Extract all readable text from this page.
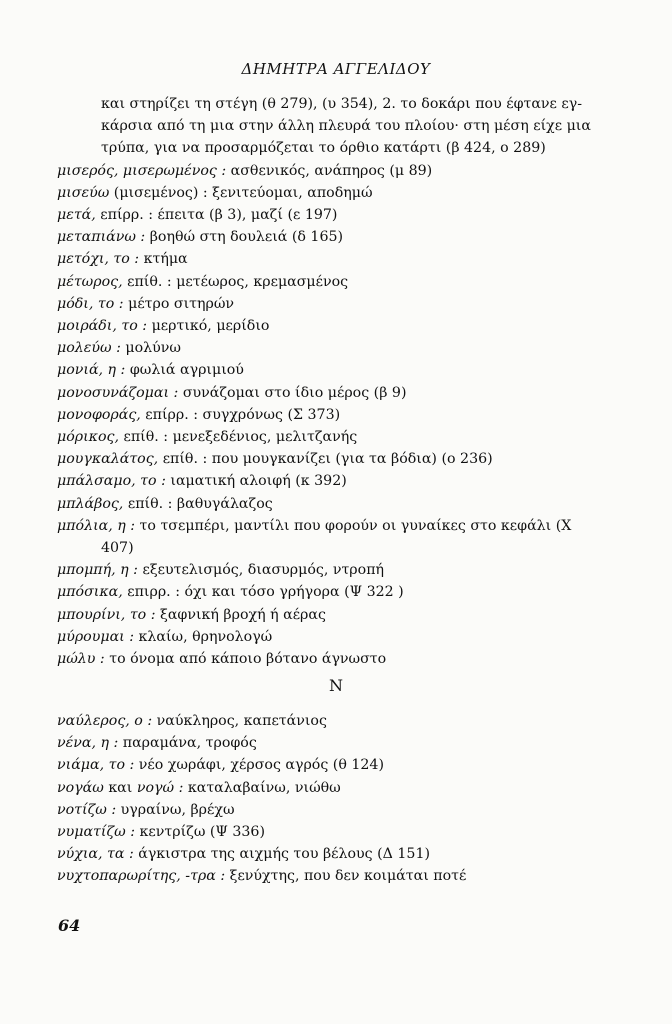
ΔΗΜΗΤΡΑ ΑΓΓΕΛΙΔΟΥ

και στηρίζει τη στέγη (θ 279), (υ 354), 2. το δοκάρι που έφτανε εγ-

κάρσια από τη μια στην άλλη πλευρά του πλοίου· στη μέση είχε μια

τρύπα, για να προσαρμόζεται το όρθιο κατάρτι (β 424, ο 289)

μισερός, μισερωμένος : ασθενικός, ανάπηρος (μ 89)

μισεύω (μισεμένος) : ξενιτεύομαι, αποδημώ

μετά, επίρρ. : έπειτα (β 3), μαζί (ε 197)

μεταπιάνω : βοηθώ στη δουλειά (δ 165)

μετόχι, το : κτήμα

μέτωρος, επίθ. : μετέωρος, κρεμασμένος

μόδι, το : μέτρο σιτηρών

μοιράδι, το : μερτικό, μερίδιο

μολεύω : μολύνω

μονιά, η : φωλιά αγριμιού

μονοσυνάζομαι : συνάζομαι στο ίδιο μέρος (β 9)

μονοφοράς, επίρρ. : συγχρόνως (Σ 373)

μόρικος, επίθ. : μενεξεδένιος, μελιτζανής

μουγκαλάτος, επίθ. : που μουγκανίζει (για τα βόδια) (ο 236)

μπάλσαμο, το : ιαματική αλοιφή (κ 392)

μπλάβος, επίθ. : βαθυγάλαζος

μπόλια, η : το τσεμπέρι, μαντίλι που φορούν οι γυναίκες στο κεφάλι (Χ

407)

μπομπή, η : εξευτελισμός, διασυρμός, ντροπή

μπόσικα, επιρρ. : όχι και τόσο γρήγορα (Ψ 322 )

μπουρίνι, το : ξαφνική βροχή ή αέρας

μύρουμαι : κλαίω, θρηνολογώ

μώλυ : το όνομα από κάποιο βότανο άγνωστο

Ν

ναύλερος, ο : ναύκληρος, καπετάνιος

νένα, η : παραμάνα, τροφός

νιάμα, το : νέο χωράφι, χέρσος αγρός (θ 124)

νογάω και νογώ : καταλαβαίνω, νιώθω

νοτίζω : υγραίνω, βρέχω

νυματίζω : κεντρίζω (Ψ 336)

νύχια, τα : άγκιστρα της αιχμής του βέλους (Δ 151)

νυχτοπαρωρίτης, -τρα : ξενύχτης, που δεν κοιμάται ποτέ

64
